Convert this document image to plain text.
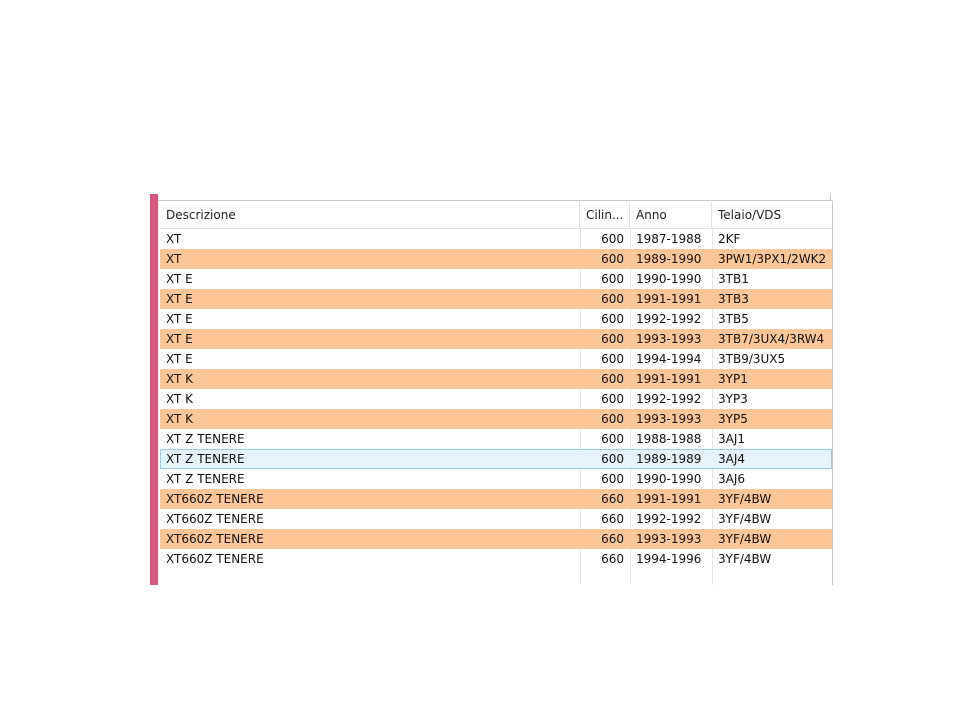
Descrizione	Cilin...	Anno	Telaio/VDS
XT	600	1987-1988	2KF
XT	600	1989-1990	3PW1/3PX1/2WK2
XT E	600	1990-1990	3TB1
XT E	600	1991-1991	3TB3
XT E	600	1992-1992	3TB5
XT E	600	1993-1993	3TB7/3UX4/3RW4
XT E	600	1994-1994	3TB9/3UX5
XT K	600	1991-1991	3YP1
XT K	600	1992-1992	3YP3
XT K	600	1993-1993	3YP5
XT Z TENERE	600	1988-1988	3AJ1
XT Z TENERE	600	1989-1989	3AJ4
XT Z TENERE	600	1990-1990	3AJ6
XT660Z TENERE	660	1991-1991	3YF/4BW
XT660Z TENERE	660	1992-1992	3YF/4BW
XT660Z TENERE	660	1993-1993	3YF/4BW
XT660Z TENERE	660	1994-1996	3YF/4BW
